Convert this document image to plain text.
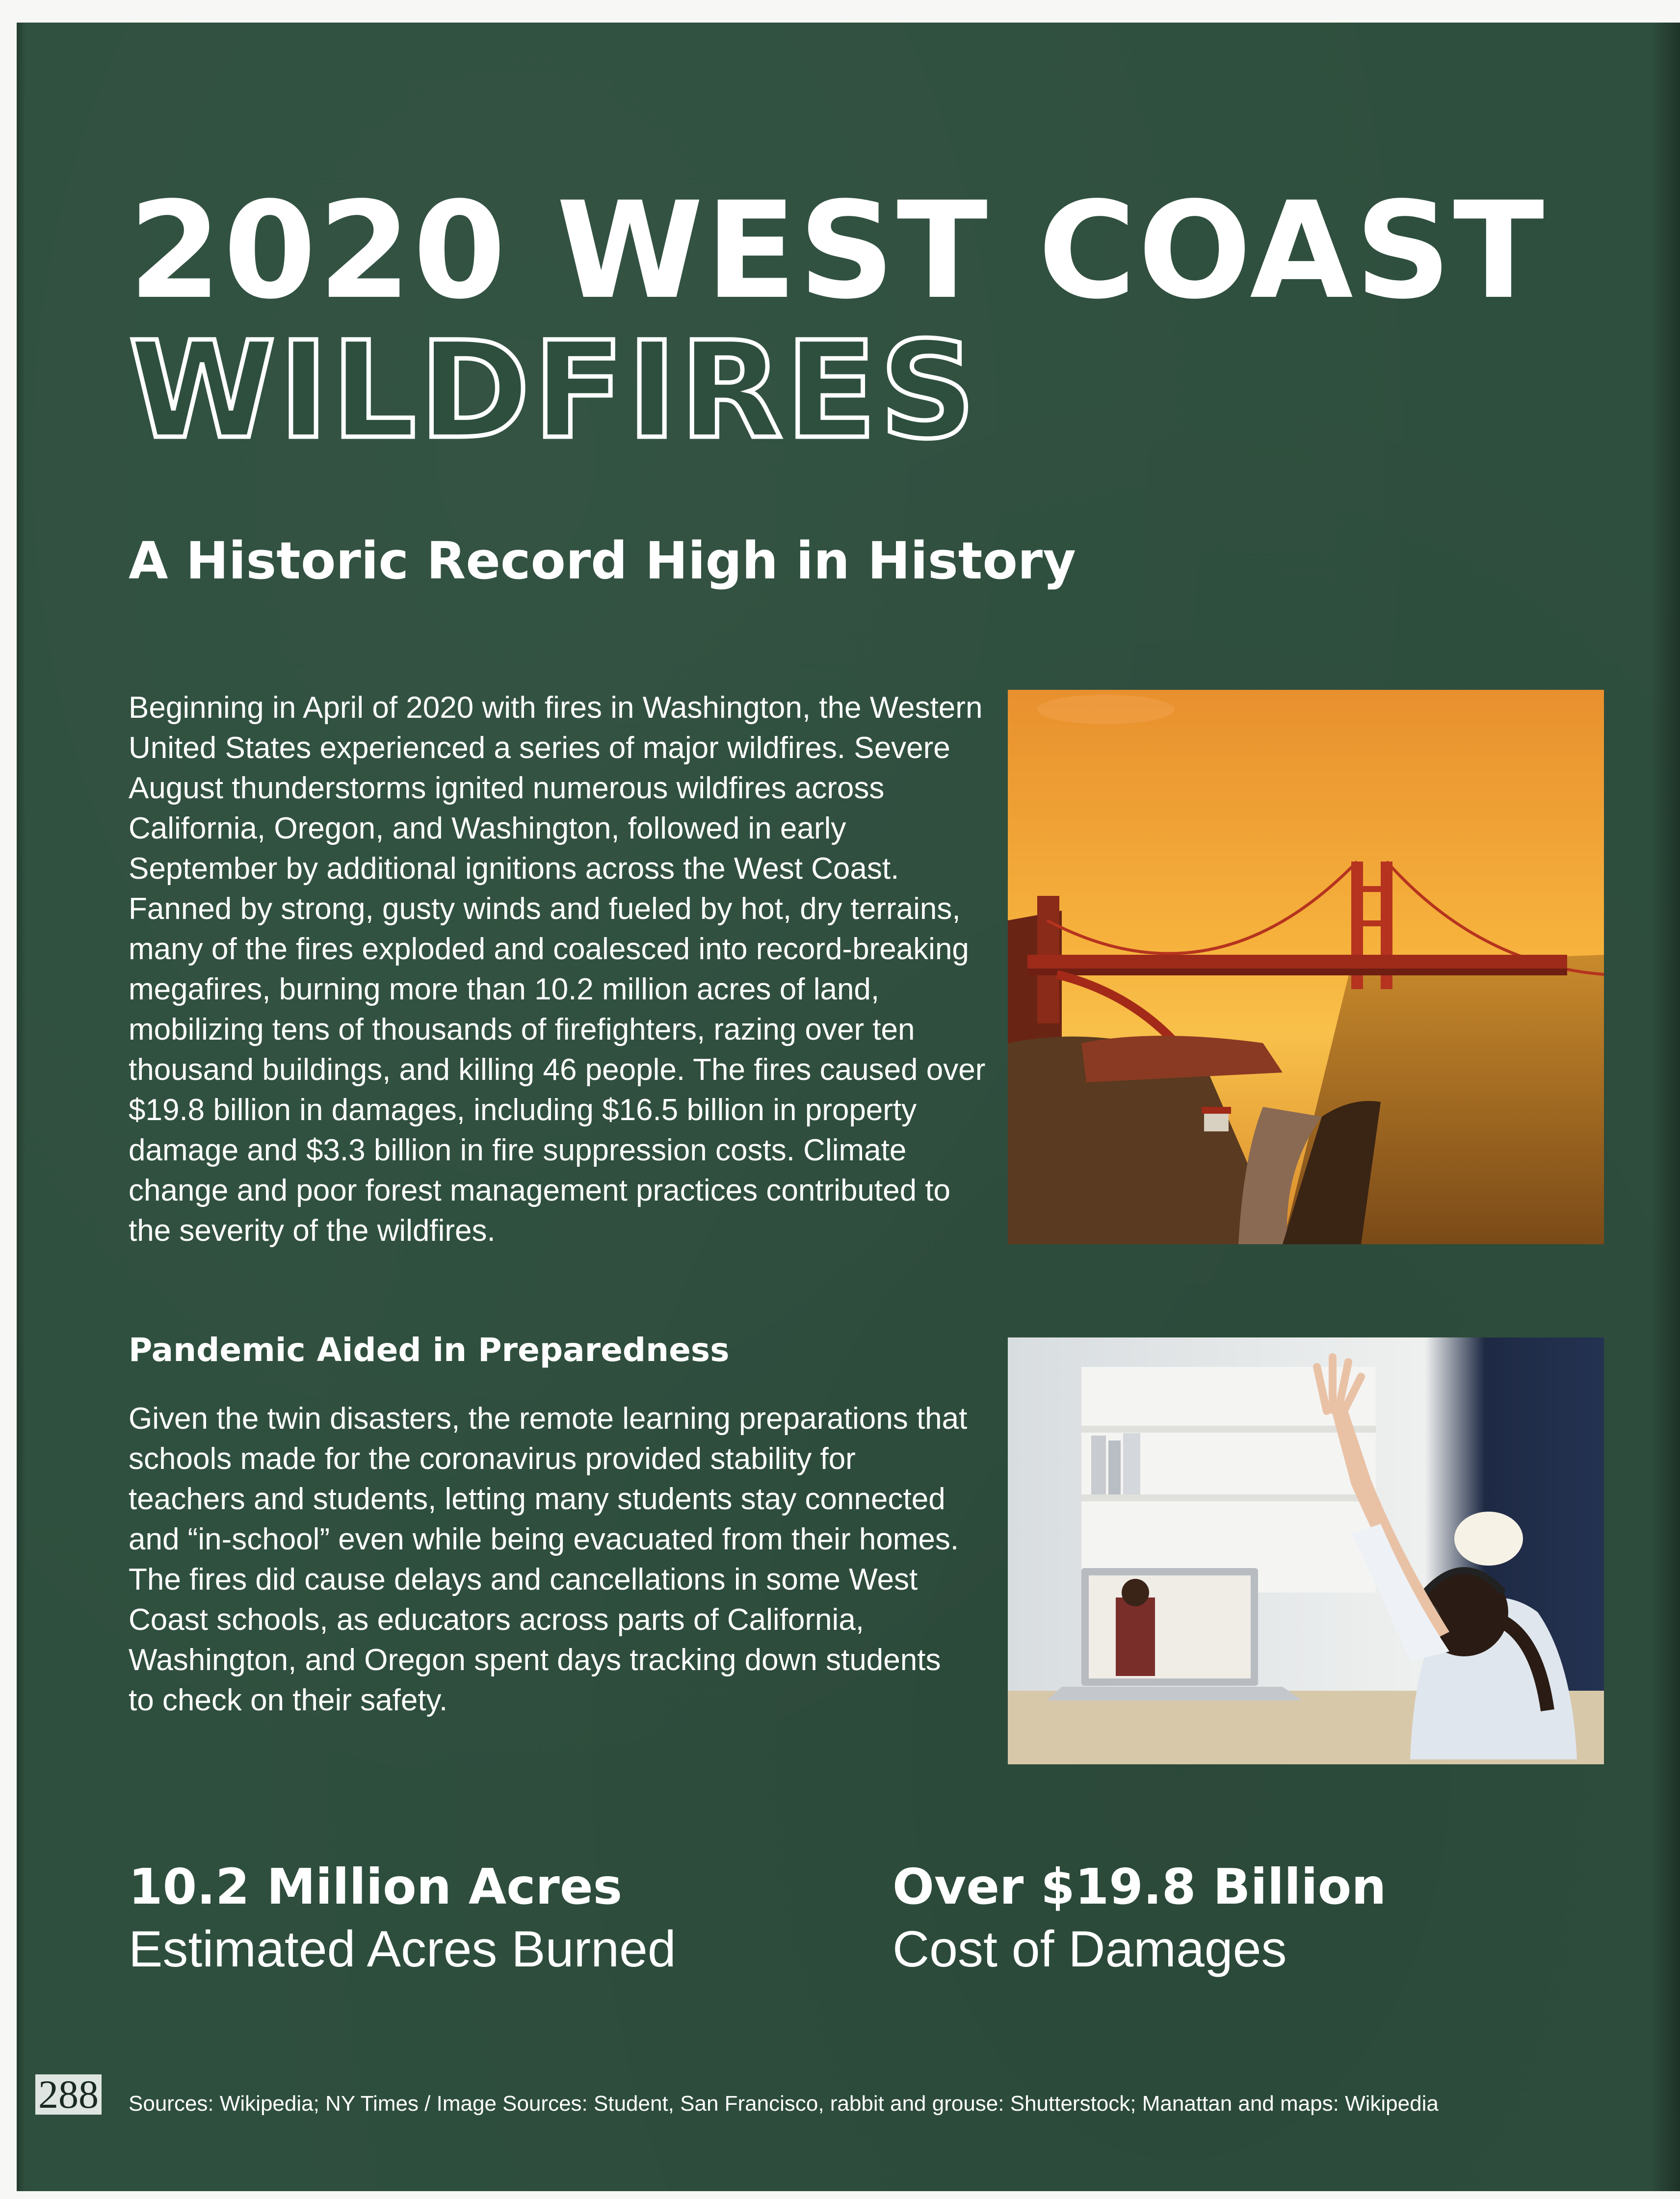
2020 WEST COAST
WILDFIRES
A Historic Record High in History

Beginning in April of 2020 with fires in Washington, the Western United States experienced a series of major wildfires. Severe August thunderstorms ignited numerous wildfires across California, Oregon, and Washington, followed in early September by additional ignitions across the West Coast. Fanned by strong, gusty winds and fueled by hot, dry terrains, many of the fires exploded and coalesced into record-breaking megafires, burning more than 10.2 million acres of land, mobilizing tens of thousands of firefighters, razing over ten thousand buildings, and killing 46 people. The fires caused over $19.8 billion in damages, including $16.5 billion in property damage and $3.3 billion in fire suppression costs. Climate change and poor forest management practices contributed to the severity of the wildfires.

Pandemic Aided in Preparedness

Given the twin disasters, the remote learning preparations that schools made for the coronavirus provided stability for teachers and students, letting many students stay connected and “in-school” even while being evacuated from their homes. The fires did cause delays and cancellations in some West Coast schools, as educators across parts of California, Washington, and Oregon spent days tracking down students to check on their safety.

10.2 Million Acres
Estimated Acres Burned
Over $19.8 Billion
Cost of Damages

Sources: Wikipedia; NY Times / Image Sources: Student, San Francisco, rabbit and grouse: Shutterstock; Manattan and maps: Wikipedia

288
